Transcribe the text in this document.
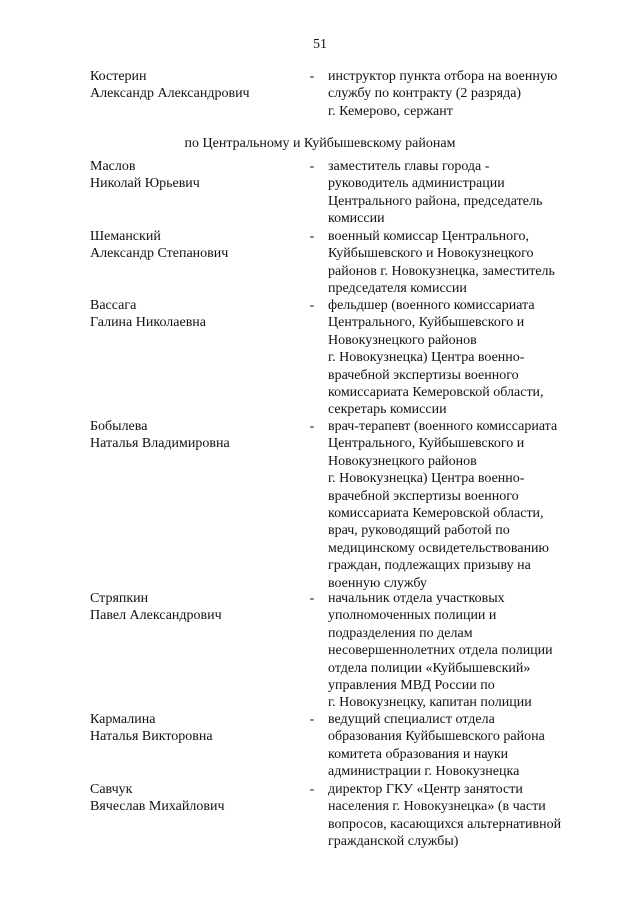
51
Костерин
Александр Александрович
- инструктор пункта отбора на военную
службу по контракту (2 разряда)
г. Кемерово, сержант
по Центральному и Куйбышевскому районам
Маслов
Николай Юрьевич
- заместитель главы города -
руководитель администрации
Центрального района, председатель
комиссии
Шеманский
Александр Степанович
- военный комиссар Центрального,
Куйбышевского и Новокузнецкого
районов г. Новокузнецка, заместитель
председателя комиссии
Вассага
Галина Николаевна
- фельдшер (военного комиссариата
Центрального, Куйбышевского и
Новокузнецкого районов
г. Новокузнецка) Центра военно-
врачебной экспертизы военного
комиссариата Кемеровской области,
секретарь комиссии
Бобылева
Наталья Владимировна
- врач-терапевт (военного комиссариата
Центрального, Куйбышевского и
Новокузнецкого районов
г. Новокузнецка) Центра военно-
врачебной экспертизы военного
комиссариата Кемеровской области,
врач, руководящий работой по
медицинскому освидетельствованию
граждан, подлежащих призыву на
военную службу
Стряпкин
Павел Александрович
- начальник отдела участковых
уполномоченных полиции и
подразделения по делам
несовершеннолетних отдела полиции
отдела полиции «Куйбышевский»
управления МВД России по
г. Новокузнецку, капитан полиции
Кармалина
Наталья Викторовна
- ведущий специалист отдела
образования Куйбышевского района
комитета образования и науки
администрации г. Новокузнецка
Савчук
Вячеслав Михайлович
- директор ГКУ «Центр занятости
населения г. Новокузнецка» (в части
вопросов, касающихся альтернативной
гражданской службы)
